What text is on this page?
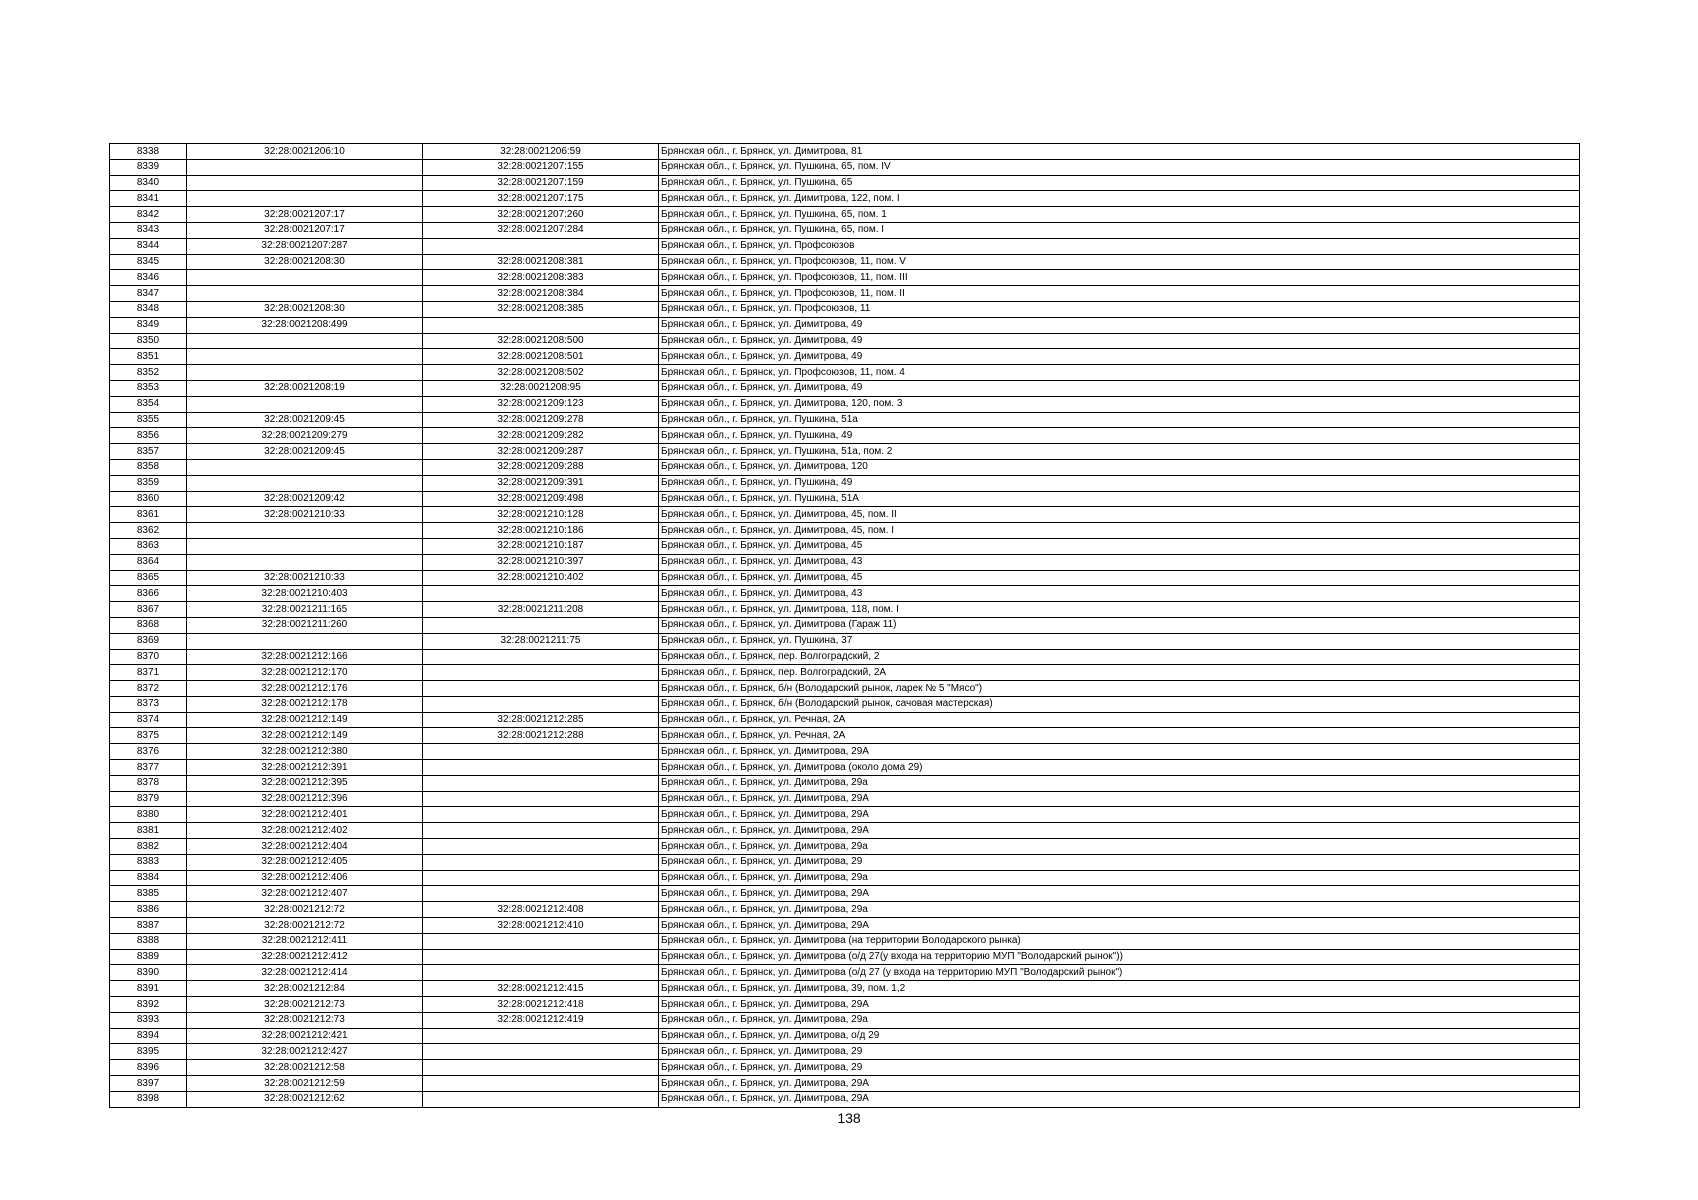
8338	32:28:0021206:10	32:28:0021206:59	Брянская обл., г. Брянск, ул. Димитрова, 81
8339		32:28:0021207:155	Брянская обл., г. Брянск, ул. Пушкина, 65, пом. IV
8340		32:28:0021207:159	Брянская обл., г. Брянск, ул. Пушкина, 65
8341		32:28:0021207:175	Брянская обл., г. Брянск, ул. Димитрова, 122, пом. I
8342	32:28:0021207:17	32:28:0021207:260	Брянская обл., г. Брянск, ул. Пушкина, 65, пом. 1
8343	32:28:0021207:17	32:28:0021207:284	Брянская обл., г. Брянск, ул. Пушкина, 65, пом. I
8344	32:28:0021207:287		Брянская обл., г. Брянск, ул. Профсоюзов
8345	32:28:0021208:30	32:28:0021208:381	Брянская обл., г. Брянск, ул. Профсоюзов, 11, пом. V
8346		32:28:0021208:383	Брянская обл., г. Брянск, ул. Профсоюзов, 11, пом. III
8347		32:28:0021208:384	Брянская обл., г. Брянск, ул. Профсоюзов, 11, пом. II
8348	32:28:0021208:30	32:28:0021208:385	Брянская обл., г. Брянск, ул. Профсоюзов, 11
8349	32:28:0021208:499		Брянская обл., г. Брянск, ул. Димитрова, 49
8350		32:28:0021208:500	Брянская обл., г. Брянск, ул. Димитрова, 49
8351		32:28:0021208:501	Брянская обл., г. Брянск, ул. Димитрова, 49
8352		32:28:0021208:502	Брянская обл., г. Брянск, ул. Профсоюзов, 11, пом. 4
8353	32:28:0021208:19	32:28:0021208:95	Брянская обл., г. Брянск, ул. Димитрова, 49
8354		32:28:0021209:123	Брянская обл., г. Брянск, ул. Димитрова, 120, пом. 3
8355	32:28:0021209:45	32:28:0021209:278	Брянская обл., г. Брянск, ул. Пушкина, 51а
8356	32:28:0021209:279	32:28:0021209:282	Брянская обл., г. Брянск, ул. Пушкина, 49
8357	32:28:0021209:45	32:28:0021209:287	Брянская обл., г. Брянск, ул. Пушкина, 51а, пом. 2
8358		32:28:0021209:288	Брянская обл., г. Брянск, ул. Димитрова, 120
8359		32:28:0021209:391	Брянская обл., г. Брянск, ул. Пушкина, 49
8360	32:28:0021209:42	32:28:0021209:498	Брянская обл., г. Брянск, ул. Пушкина, 51А
8361	32:28:0021210:33	32:28:0021210:128	Брянская обл., г. Брянск, ул. Димитрова, 45, пом. II
8362		32:28:0021210:186	Брянская обл., г. Брянск, ул. Димитрова, 45, пом. I
8363		32:28:0021210:187	Брянская обл., г. Брянск, ул. Димитрова, 45
8364		32:28:0021210:397	Брянская обл., г. Брянск, ул. Димитрова, 43
8365	32:28:0021210:33	32:28:0021210:402	Брянская обл., г. Брянск, ул. Димитрова, 45
8366	32:28:0021210:403		Брянская обл., г. Брянск, ул. Димитрова, 43
8367	32:28:0021211:165	32:28:0021211:208	Брянская обл., г. Брянск, ул. Димитрова, 118, пом. I
8368	32:28:0021211:260		Брянская обл., г. Брянск, ул. Димитрова (Гараж 11)
8369		32:28:0021211:75	Брянская обл., г. Брянск, ул. Пушкина, 37
8370	32:28:0021212:166		Брянская обл., г. Брянск, пер. Волгоградский, 2
8371	32:28:0021212:170		Брянская обл., г. Брянск, пер. Волгоградский, 2А
8372	32:28:0021212:176		Брянская обл., г. Брянск, б/н (Володарский рынок, ларек № 5 "Мясо")
8373	32:28:0021212:178		Брянская обл., г. Брянск, б/н (Володарский рынок, сачовая мастерская)
8374	32:28:0021212:149	32:28:0021212:285	Брянская обл., г. Брянск, ул. Речная, 2А
8375	32:28:0021212:149	32:28:0021212:288	Брянская обл., г. Брянск, ул. Речная, 2А
8376	32:28:0021212:380		Брянская обл., г. Брянск, ул. Димитрова, 29А
8377	32:28:0021212:391		Брянская обл., г. Брянск, ул. Димитрова (около дома 29)
8378	32:28:0021212:395		Брянская обл., г. Брянск, ул. Димитрова, 29а
8379	32:28:0021212:396		Брянская обл., г. Брянск, ул. Димитрова, 29А
8380	32:28:0021212:401		Брянская обл., г. Брянск, ул. Димитрова, 29А
8381	32:28:0021212:402		Брянская обл., г. Брянск, ул. Димитрова, 29А
8382	32:28:0021212:404		Брянская обл., г. Брянск, ул. Димитрова, 29а
8383	32:28:0021212:405		Брянская обл., г. Брянск, ул. Димитрова, 29
8384	32:28:0021212:406		Брянская обл., г. Брянск, ул. Димитрова, 29а
8385	32:28:0021212:407		Брянская обл., г. Брянск, ул. Димитрова, 29А
8386	32:28:0021212:72	32:28:0021212:408	Брянская обл., г. Брянск, ул. Димитрова, 29а
8387	32:28:0021212:72	32:28:0021212:410	Брянская обл., г. Брянск, ул. Димитрова, 29А
8388	32:28:0021212:411		Брянская обл., г. Брянск, ул. Димитрова (на территории Володарского рынка)
8389	32:28:0021212:412		Брянская обл., г. Брянск, ул. Димитрова (о/д 27(у входа на территорию МУП "Володарский рынок"))
8390	32:28:0021212:414		Брянская обл., г. Брянск, ул. Димитрова (о/д 27 (у входа на территорию МУП "Володарский рынок")
8391	32:28:0021212:84	32:28:0021212:415	Брянская обл., г. Брянск, ул. Димитрова, 39, пом. 1,2
8392	32:28:0021212:73	32:28:0021212:418	Брянская обл., г. Брянск, ул. Димитрова, 29А
8393	32:28:0021212:73	32:28:0021212:419	Брянская обл., г. Брянск, ул. Димитрова, 29а
8394	32:28:0021212:421		Брянская обл., г. Брянск, ул. Димитрова, о/д 29
8395	32:28:0021212:427		Брянская обл., г. Брянск, ул. Димитрова, 29
8396	32:28:0021212:58		Брянская обл., г. Брянск, ул. Димитрова, 29
8397	32:28:0021212:59		Брянская обл., г. Брянск, ул. Димитрова, 29А
8398	32:28:0021212:62		Брянская обл., г. Брянск, ул. Димитрова, 29А
138
